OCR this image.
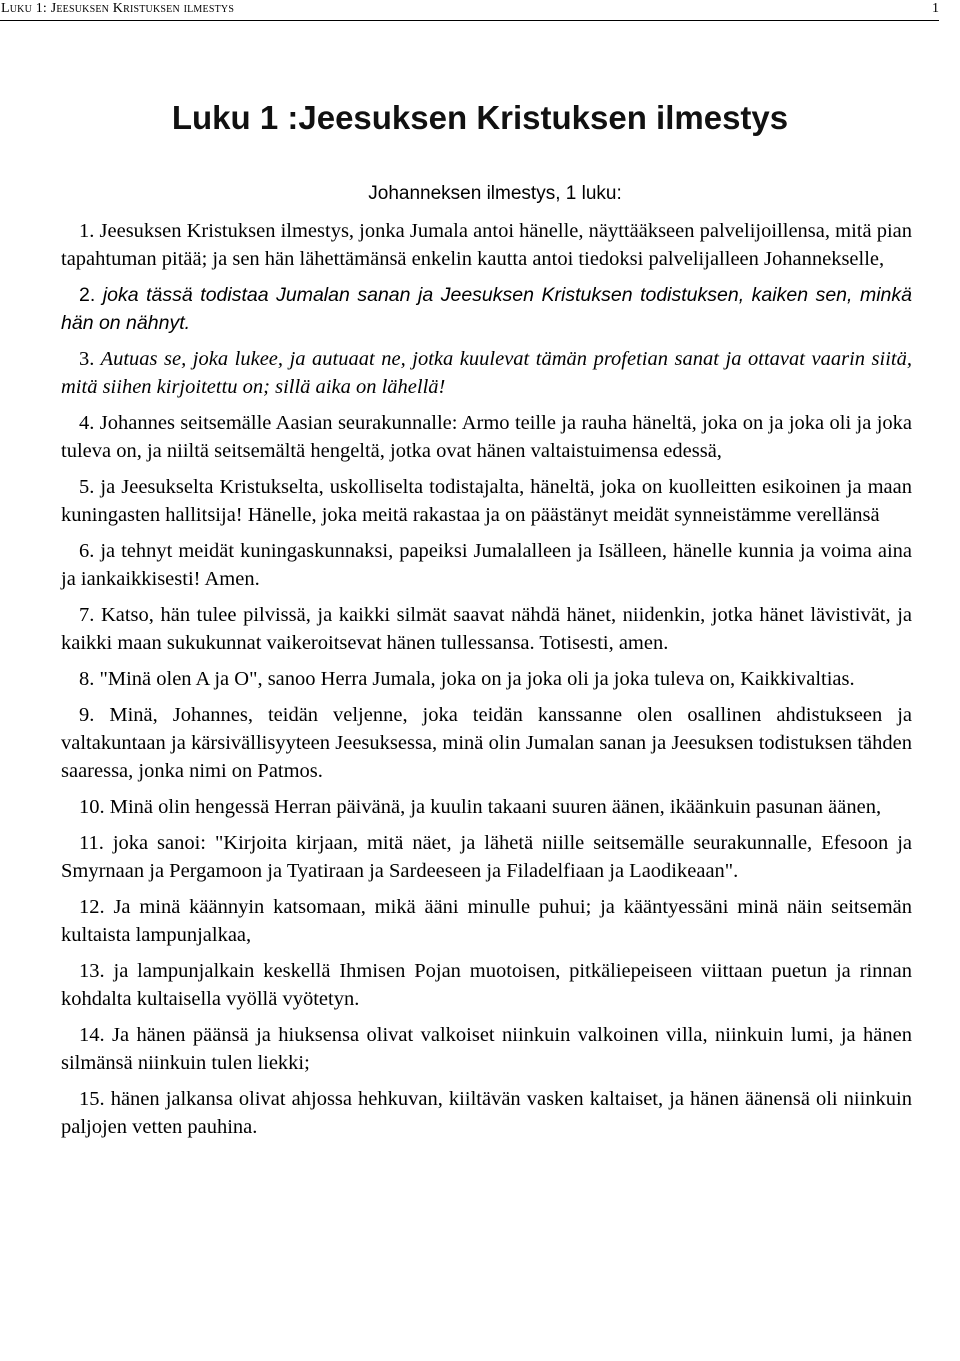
Luku 1: Jeesuksen Kristuksen ilmestys	1
Luku 1 :Jeesuksen Kristuksen ilmestys
Johanneksen ilmestys, 1 luku:

1. Jeesuksen Kristuksen ilmestys, jonka Jumala antoi hänelle, näyttääkseen palvelijoillensa, mitä pian tapahtuman pitää; ja sen hän lähettämänsä enkelin kautta antoi tiedoksi palvelijalleen Johannekselle,

2. joka tässä todistaa Jumalan sanan ja Jeesuksen Kristuksen todistuksen, kaiken sen, minkä hän on nähnyt.

3. Autuas se, joka lukee, ja autuaat ne, jotka kuulevat tämän profetian sanat ja ottavat vaarin siitä, mitä siihen kirjoitettu on; sillä aika on lähellä!

4. Johannes seitsemälle Aasian seurakunnalle: Armo teille ja rauha häneltä, joka on ja joka oli ja joka tuleva on, ja niiltä seitsemältä hengeltä, jotka ovat hänen valtaistuimensa edessä,

5. ja Jeesukselta Kristukselta, uskolliselta todistajalta, häneltä, joka on kuolleitten esikoinen ja maan kuningasten hallitsija! Hänelle, joka meitä rakastaa ja on päästänyt meidät synneistämme verellänsä

6. ja tehnyt meidät kuningaskunnaksi, papeiksi Jumalalleen ja Isälleen, hänelle kunnia ja voima aina ja iankaikkisesti! Amen.

7. Katso, hän tulee pilvissä, ja kaikki silmät saavat nähdä hänet, niidenkin, jotka hänet lävistivät, ja kaikki maan sukukunnat vaikeroitsevat hänen tullessansa. Totisesti, amen.

8. "Minä olen A ja O", sanoo Herra Jumala, joka on ja joka oli ja joka tuleva on, Kaikkivaltias.

9. Minä, Johannes, teidän veljenne, joka teidän kanssanne olen osallinen ahdistukseen ja valtakuntaan ja kärsivällisyyteen Jeesuksessa, minä olin Jumalan sanan ja Jeesuksen todistuksen tähden saaressa, jonka nimi on Patmos.

10. Minä olin hengessä Herran päivänä, ja kuulin takaani suuren äänen, ikäänkuin pasunan äänen,

11. joka sanoi: "Kirjoita kirjaan, mitä näet, ja lähetä niille seitsemälle seurakunnalle, Efesoon ja Smyrnaan ja Pergamoon ja Tyatiraan ja Sardeeseen ja Filadelfiaan ja Laodikeaan".

12. Ja minä käännyin katsomaan, mikä ääni minulle puhui; ja kääntyessäni minä näin seitsemän kultaista lampunjalkaa,

13. ja lampunjalkain keskellä Ihmisen Pojan muotoisen, pitkäliepeiseen viittaan puetun ja rinnan kohdalta kultaisella vyöllä vyötetyn.

14. Ja hänen päänsä ja hiuksensa olivat valkoiset niinkuin valkoinen villa, niinkuin lumi, ja hänen silmänsä niinkuin tulen liekki;

15. hänen jalkansa olivat ahjossa hehkuvan, kiiltävän vasken kaltaiset, ja hänen äänensä oli niinkuin paljojen vetten pauhina.
